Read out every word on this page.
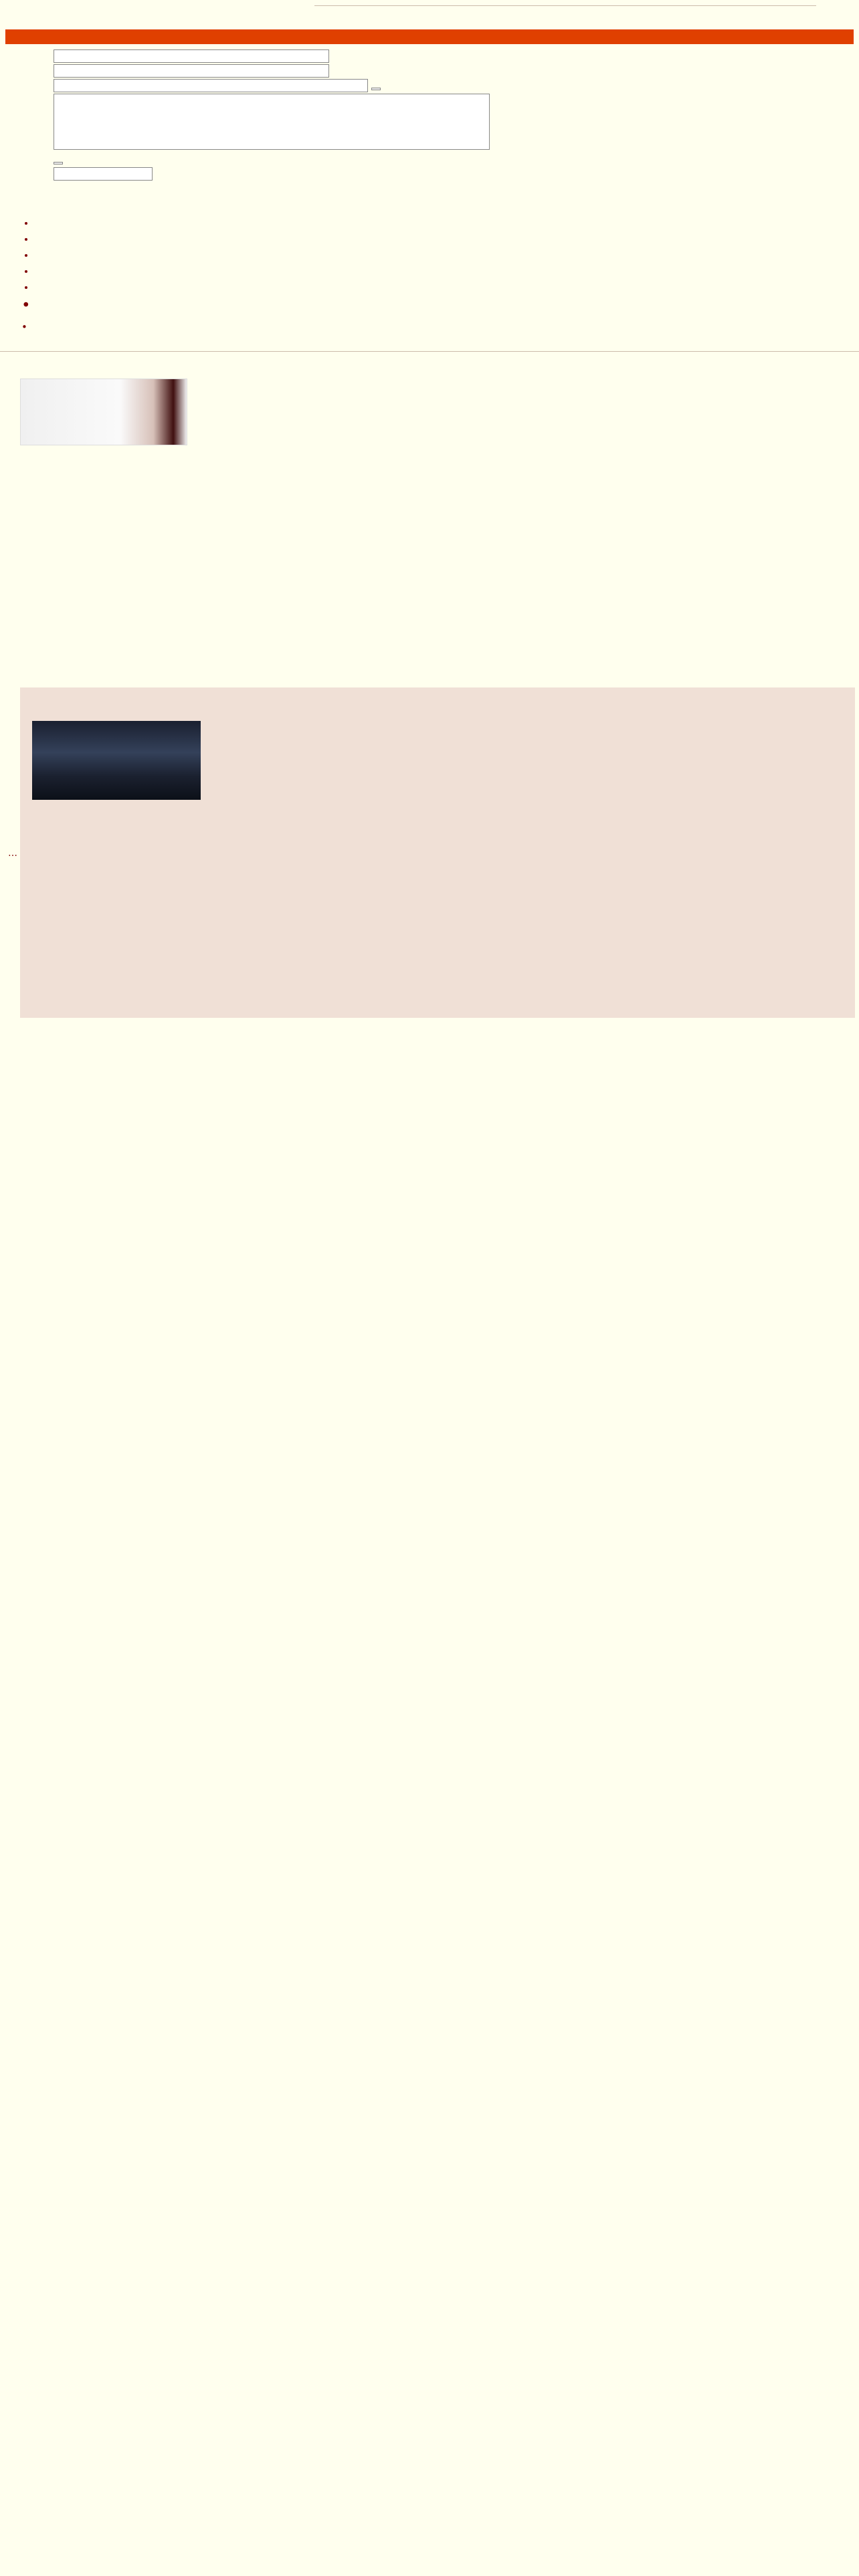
•
•
…
